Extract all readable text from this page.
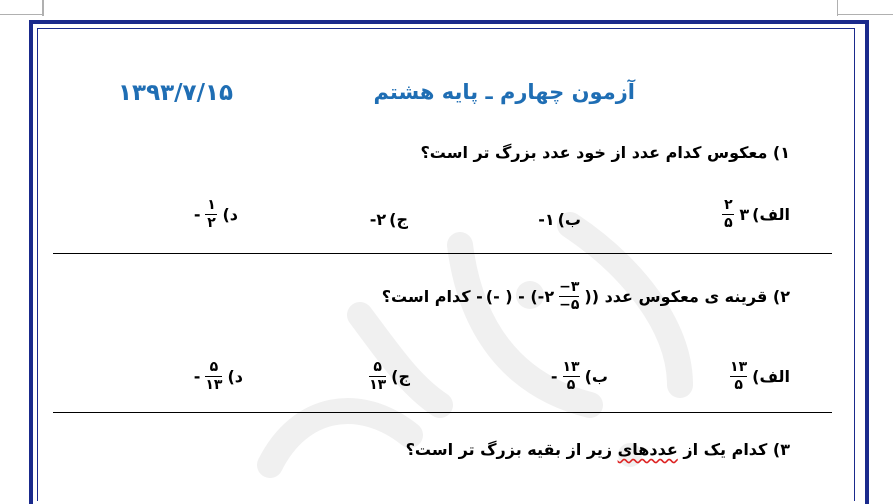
آزمون چهارم ـ پایه هشتم
۱۳۹۳/۷/۱۵
۱) معکوس کدام عدد از خود عدد بزرگ تر است؟
الف)
۳
$\frac{۲}{۵}$
ب)
۱-
ج)
۲-
د)
$\frac{۱}{۲}$
-
۲) قرینه ی معکوس عدد ((
$\frac{۳-}{۵-}$
۲-) - ( -)
- کدام است؟
الف)
$\frac{۱۳}{۵}$
ب)
$\frac{۱۳}{۵}$
-
ج)
$\frac{۵}{۱۳}$
د)
$\frac{۵}{۱۳}$
-
۳) کدام یک از عددهای زیر از بقیه بزرگ تر است؟
